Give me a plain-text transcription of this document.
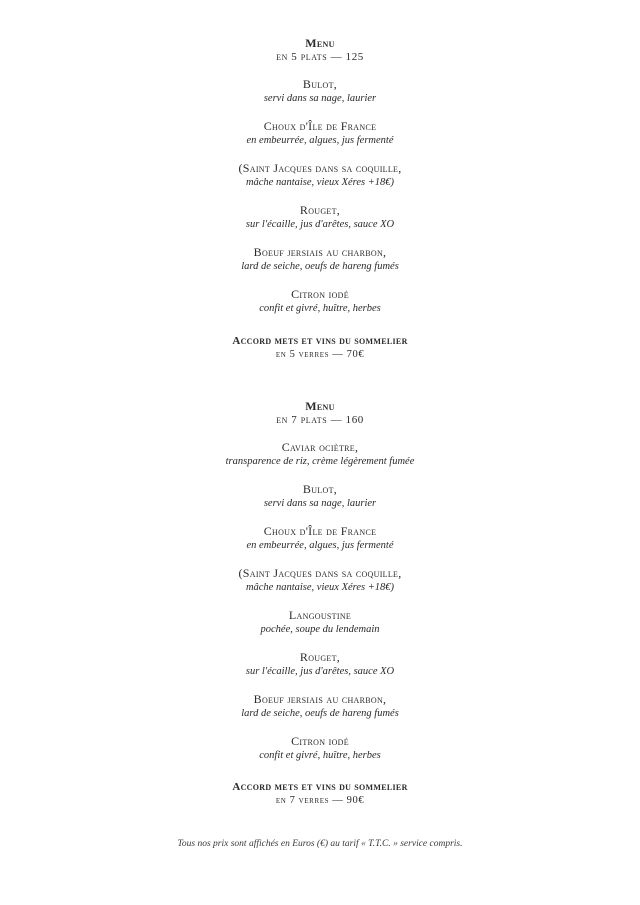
Menu
en 5 plats — 125
Bulot,
servi dans sa nage, laurier
Choux d'Île de France
en embeurrée, algues, jus fermenté
(Saint Jacques dans sa coquille,
mâche nantaise, vieux Xéres +18€)
Rouget,
sur l'écaille, jus d'arêtes, sauce XO
Boeuf jersiais au charbon,
lard de seiche, oeufs de hareng fumés
Citron iodé
confit et givré, huître, herbes
Accord mets et vins du sommelier
en 5 verres — 70€
Menu
en 7 plats — 160
Caviar ociètre,
transparence de riz, crème légèrement fumée
Bulot,
servi dans sa nage, laurier
Choux d'Île de France
en embeurrée, algues, jus fermenté
(Saint Jacques dans sa coquille,
mâche nantaise, vieux Xéres +18€)
Langoustine
pochée, soupe du lendemain
Rouget,
sur l'écaille, jus d'arêtes, sauce XO
Boeuf jersiais au charbon,
lard de seiche, oeufs de hareng fumés
Citron iodé
confit et givré, huître, herbes
Accord mets et vins du sommelier
en 7 verres — 90€
Tous nos prix sont affichés en Euros (€) au tarif « T.T.C. » service compris.
